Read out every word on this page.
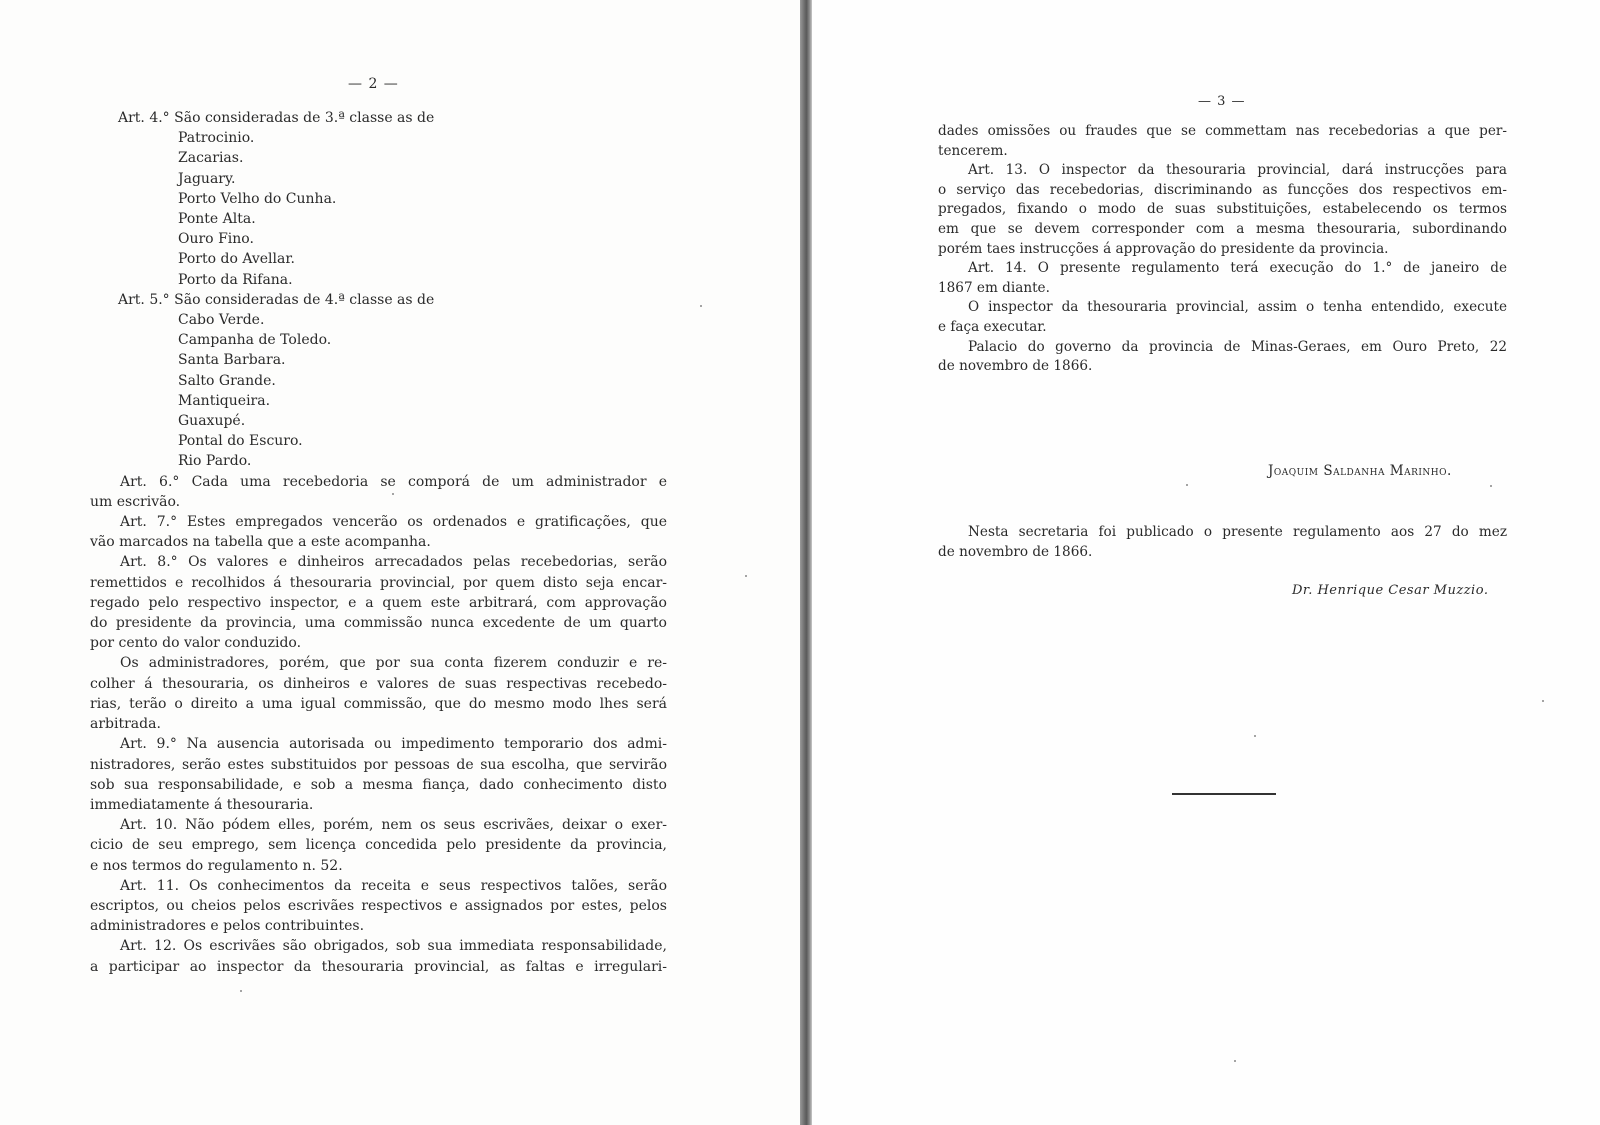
— 2 —
Art. 4.° São consideradas de 3.ª classe as de
Patrocinio.
Zacarias.
Jaguary.
Porto Velho do Cunha.
Ponte Alta.
Ouro Fino.
Porto do Avellar.
Porto da Rifana.
Art. 5.° São consideradas de 4.ª classe as de
Cabo Verde.
Campanha de Toledo.
Santa Barbara.
Salto Grande.
Mantiqueira.
Guaxupé.
Pontal do Escuro.
Rio Pardo.
Art. 6.° Cada uma recebedoria se comporá de um administrador e
um escrivão.
Art. 7.° Estes empregados vencerão os ordenados e gratificações, que
vão marcados na tabella que a este acompanha.
Art. 8.° Os valores e dinheiros arrecadados pelas recebedorias, serão
remettidos e recolhidos á thesouraria provincial, por quem disto seja encar-
regado pelo respectivo inspector, e a quem este arbitrará, com approvação
do presidente da provincia, uma commissão nunca excedente de um quarto
por cento do valor conduzido.
Os administradores, porém, que por sua conta fizerem conduzir e re-
colher á thesouraria, os dinheiros e valores de suas respectivas recebedo-
rias, terão o direito a uma igual commissão, que do mesmo modo lhes será
arbitrada.
Art. 9.° Na ausencia autorisada ou impedimento temporario dos admi-
nistradores, serão estes substituidos por pessoas de sua escolha, que servirão
sob sua responsabilidade, e sob a mesma fiança, dado conhecimento disto
immediatamente á thesouraria.
Art. 10. Não pódem elles, porém, nem os seus escrivães, deixar o exer-
cicio de seu emprego, sem licença concedida pelo presidente da provincia,
e nos termos do regulamento n. 52.
Art. 11. Os conhecimentos da receita e seus respectivos talões, serão
escriptos, ou cheios pelos escrivães respectivos e assignados por estes, pelos
administradores e pelos contribuintes.
Art. 12. Os escrivães são obrigados, sob sua immediata responsabilidade,
a participar ao inspector da thesouraria provincial, as faltas e irregulari-
— 3 —
dades omissões ou fraudes que se commettam nas recebedorias a que per-
tencerem.
Art. 13. O inspector da thesouraria provincial, dará instrucções para
o serviço das recebedorias, discriminando as funcções dos respectivos em-
pregados, fixando o modo de suas substituições, estabelecendo os termos
em que se devem corresponder com a mesma thesouraria, subordinando
porém taes instrucções á approvação do presidente da provincia.
Art. 14. O presente regulamento terá execução do 1.° de janeiro de
1867 em diante.
O inspector da thesouraria provincial, assim o tenha entendido, execute
e faça executar.
Palacio do governo da provincia de Minas-Geraes, em Ouro Preto, 22
de novembro de 1866.
Joaquim Saldanha Marinho.
Nesta secretaria foi publicado o presente regulamento aos 27 do mez
de novembro de 1866.
Dr. Henrique Cesar Muzzio.
